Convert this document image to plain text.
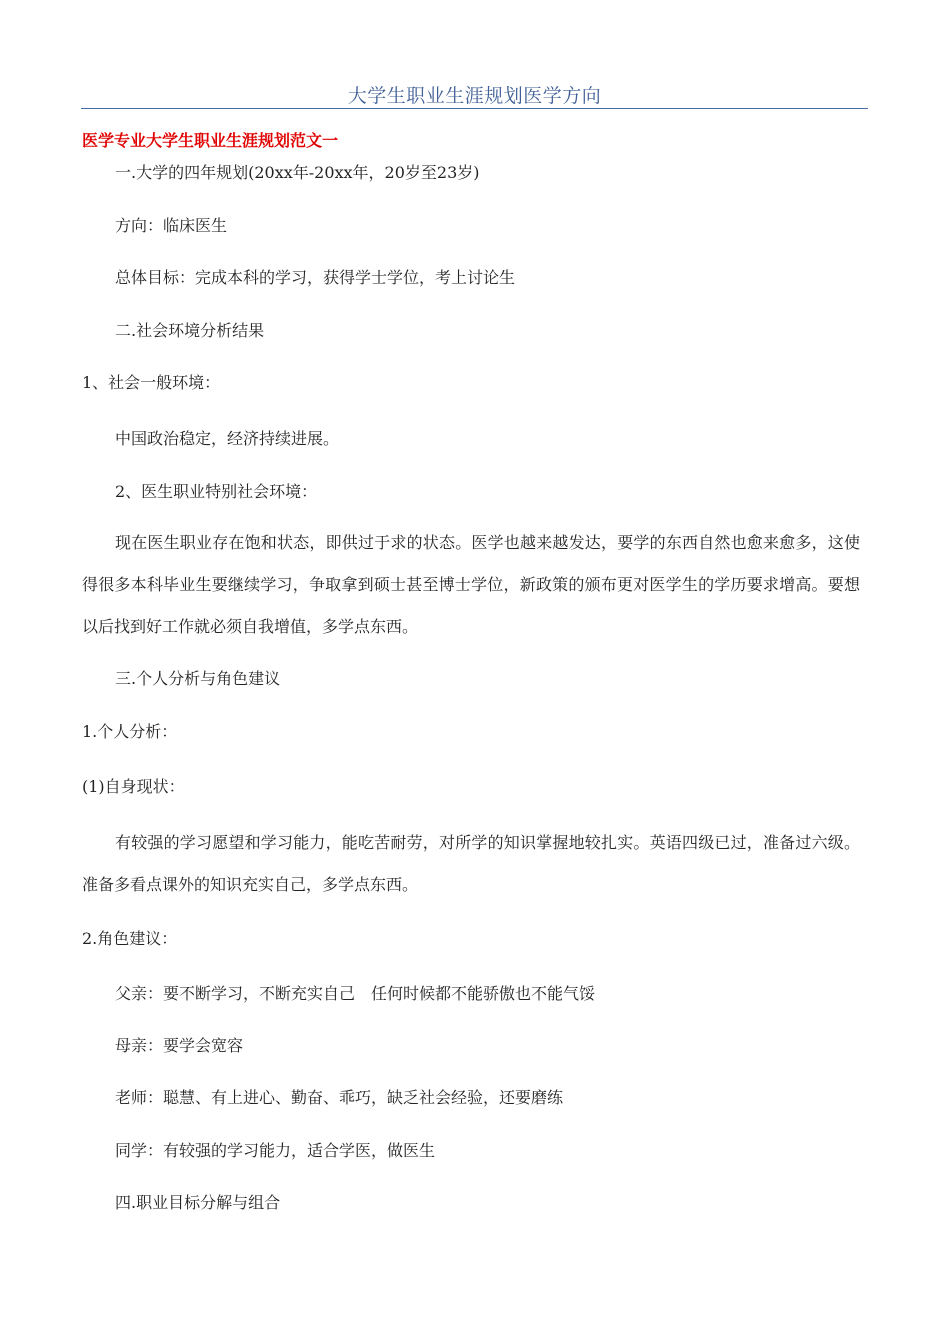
大学生职业生涯规划医学方向
医学专业大学生职业生涯规划范文一
一.大学的四年规划(20xx年-20xx年，20岁至23岁)
方向：临床医生
总体目标：完成本科的学习，获得学士学位，考上讨论生
二.社会环境分析结果
1、社会一般环境：
中国政治稳定，经济持续进展。
2、医生职业特别社会环境：
现在医生职业存在饱和状态，即供过于求的状态。医学也越来越发达，要学的东西自然也愈来愈多，这使得很多本科毕业生要继续学习，争取拿到硕士甚至博士学位，新政策的颁布更对医学生的学历要求增高。要想以后找到好工作就必须自我增值，多学点东西。
三.个人分析与角色建议
1.个人分析：
(1)自身现状：
有较强的学习愿望和学习能力，能吃苦耐劳，对所学的知识掌握地较扎实。英语四级已过，准备过六级。准备多看点课外的知识充实自己，多学点东西。
2.角色建议：
父亲：要不断学习，不断充实自己　任何时候都不能骄傲也不能气馁
母亲：要学会宽容
老师：聪慧、有上进心、勤奋、乖巧，缺乏社会经验，还要磨练
同学：有较强的学习能力，适合学医，做医生
四.职业目标分解与组合
